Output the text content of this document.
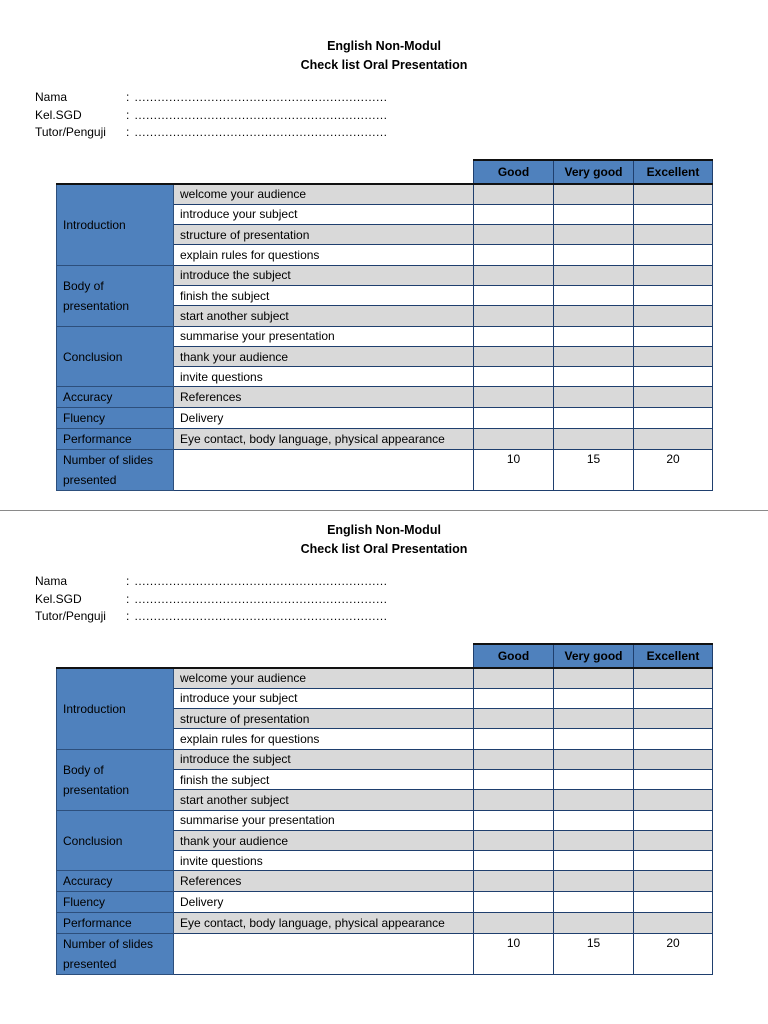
English Non-Modul
Check list Oral Presentation
Nama	: …………………………………………………………
Kel.SGD	: …………………………………………………………
Tutor/Penguji	: …………………………………………………………
		Good	Very good	Excellent
Introduction	welcome your audience			
	introduce your subject			
	structure of presentation			
	explain rules for questions			
Body of presentation	introduce the subject			
	finish the subject			
	start another subject			
Conclusion	summarise your presentation			
	thank your audience			
	invite questions			
Accuracy	References			
Fluency	Delivery			
Performance	Eye contact, body language, physical appearance			
Number of slides presented		10	15	20
English Non-Modul
Check list Oral Presentation
Nama	: …………………………………………………………
Kel.SGD	: …………………………………………………………
Tutor/Penguji	: …………………………………………………………
		Good	Very good	Excellent
Introduction	welcome your audience			
	introduce your subject			
	structure of presentation			
	explain rules for questions			
Body of presentation	introduce the subject			
	finish the subject			
	start another subject			
Conclusion	summarise your presentation			
	thank your audience			
	invite questions			
Accuracy	References			
Fluency	Delivery			
Performance	Eye contact, body language, physical appearance			
Number of slides presented		10	15	20
